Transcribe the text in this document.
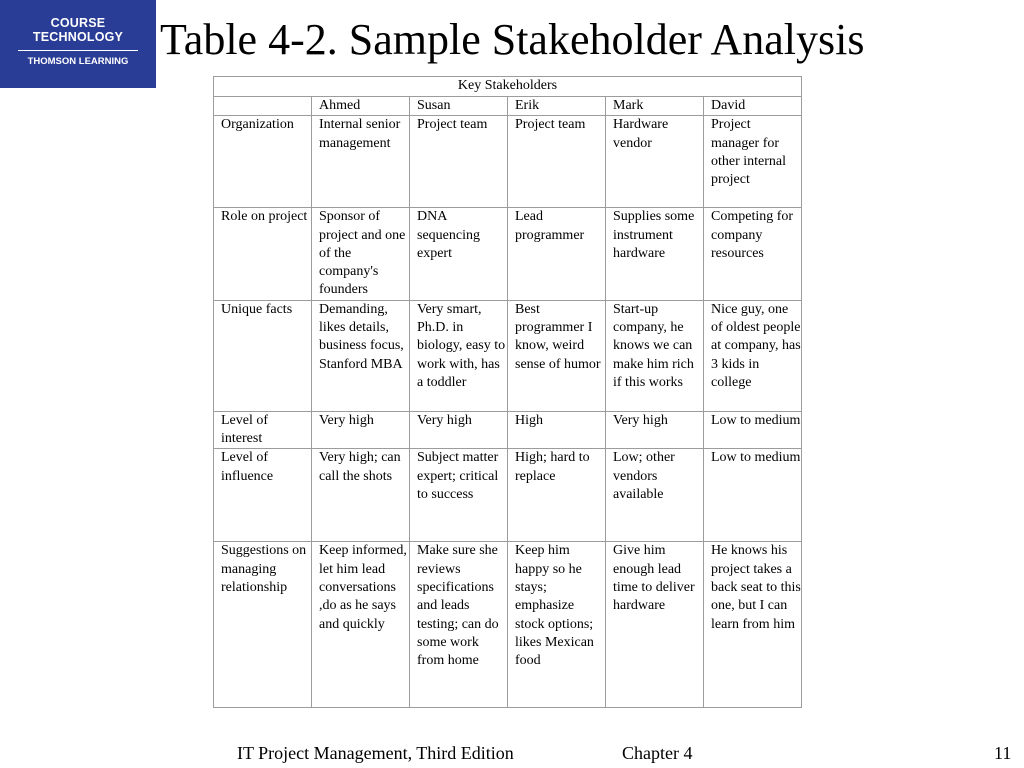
COURSE
TECHNOLOGY
THOMSON LEARNING Table 4-2. Sample Stakeholder Analysis
Key Stakeholders					
	Ahmed	Susan	Erik	Mark	David
Organization	Internal senior management	Project team	Project team	Hardware vendor	Project manager for other internal project
Role on project	Sponsor of project and one of the company's founders	DNA sequencing expert	Lead programmer	Supplies some instrument hardware	Competing for company resources
Unique facts	Demanding, likes details, business focus, Stanford MBA	Very smart, Ph.D. in biology, easy to work with, has a toddler	Best programmer I know, weird sense of humor	Start-up company, he knows we can make him rich if this works	Nice guy, one of oldest people at company, has 3 kids in college
Level of interest	Very high	Very high	High	Very high	Low to medium
Level of influence	Very high; can call the shots	Subject matter expert; critical to success	High; hard to replace	Low; other vendors available	Low to medium
Suggestions on managing relationship	Keep informed, let him lead conversations ,do as he says and quickly	Make sure she reviews specifications and leads testing; can do some work from home	Keep him happy so he stays; emphasize stock options; likes Mexican food	Give him enough lead time to deliver hardware	He knows his project takes a back seat to this one, but I can learn from him
IT Project Management, Third Edition	Chapter 4	11
